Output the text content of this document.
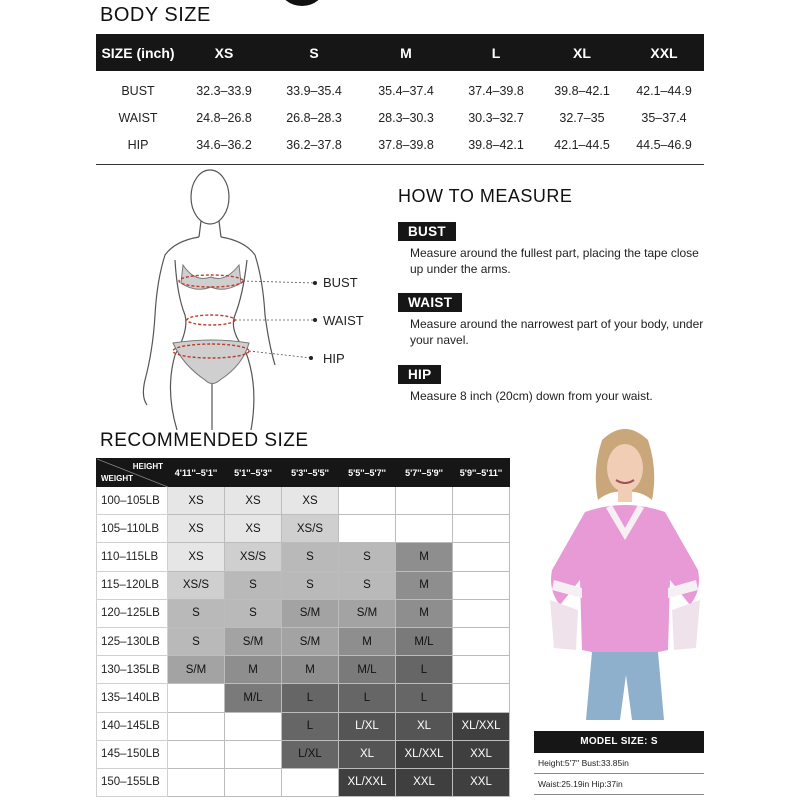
BODY SIZE
SIZE (inch)	XS	S	M	L	XL	XXL
BUST	32.3–33.9	33.9–35.4	35.4–37.4	37.4–39.8	39.8–42.1	42.1–44.9
WAIST	24.8–26.8	26.8–28.3	28.3–30.3	30.3–32.7	32.7–35	35–37.4
HIP	34.6–36.2	36.2–37.8	37.8–39.8	39.8–42.1	42.1–44.5	44.5–46.9
BUST
WAIST
HIP
HOW TO MEASURE
BUST
Measure around the fullest part, placing the tape close up under the arms.
WAIST
Measure around the narrowest part of your body, under your navel.
HIP
Measure 8 inch (20cm) down from your waist.
RECOMMENDED SIZE
HEIGHT
WEIGHT	4'11''–5'1''	5'1''–5'3''	5'3''–5'5''	5'5''–5'7''	5'7''–5'9''	5'9''–5'11''
100–105LB	XS	XS	XS			
105–110LB	XS	XS	XS/S			
110–115LB	XS	XS/S	S	S	M	
115–120LB	XS/S	S	S	S	M	
120–125LB	S	S	S/M	S/M	M	
125–130LB	S	S/M	S/M	M	M/L	
130–135LB	S/M	M	M	M/L	L	
135–140LB		M/L	L	L	L	
140–145LB			L	L/XL	XL	XL/XXL
145–150LB			L/XL	XL	XL/XXL	XXL
150–155LB				XL/XXL	XXL	XXL
MODEL SIZE: S
Height:5'7'' Bust:33.85in
Waist:25.19in Hip:37in
